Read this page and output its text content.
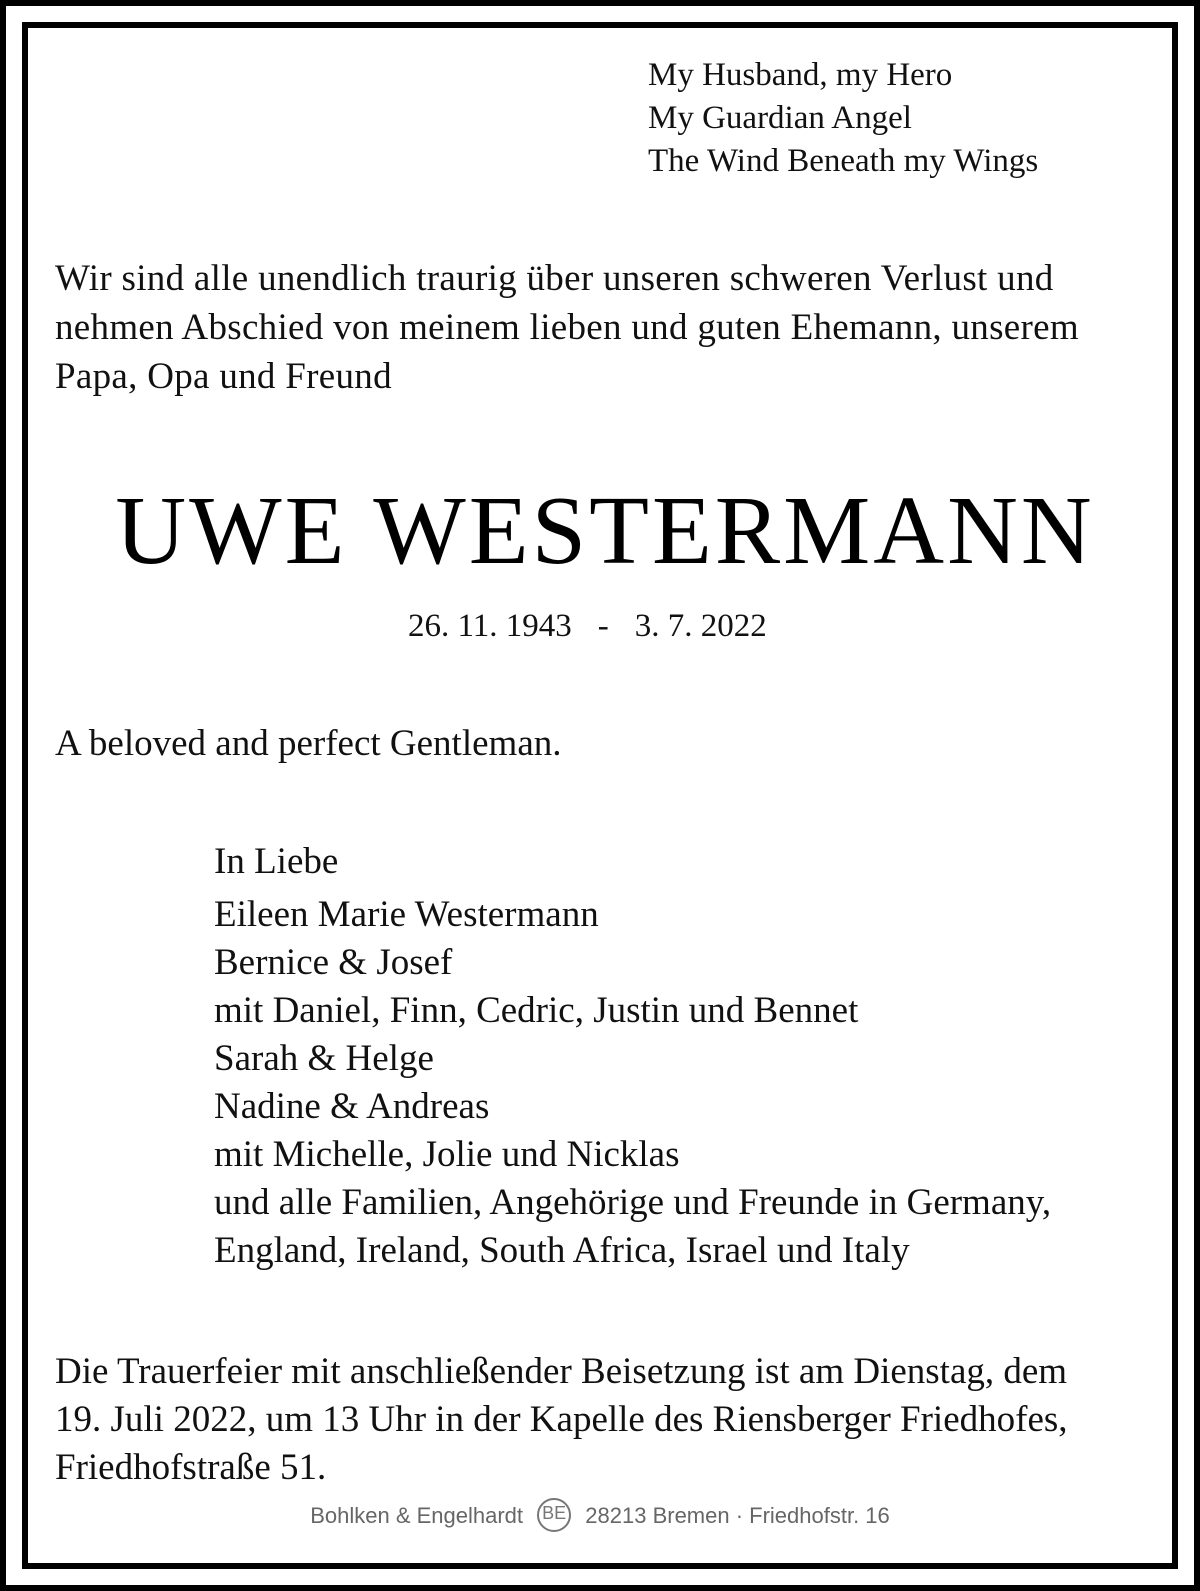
My Husband, my Hero
My Guardian Angel
The Wind Beneath my Wings
Wir sind alle unendlich traurig über unseren schweren Verlust und
nehmen Abschied von meinem lieben und guten Ehemann, unserem
Papa, Opa und Freund
UWE WESTERMANN
26. 11. 1943 - 3. 7. 2022
A beloved and perfect Gentleman.
In Liebe
Eileen Marie Westermann
Bernice & Josef
mit Daniel, Finn, Cedric, Justin und Bennet
Sarah & Helge
Nadine & Andreas
mit Michelle, Jolie und Nicklas
und alle Familien, Angehörige und Freunde in Germany,
England, Ireland, South Africa, Israel und Italy
Die Trauerfeier mit anschließender Beisetzung ist am Dienstag, dem
19. Juli 2022, um 13 Uhr in der Kapelle des Riensberger Friedhofes,
Friedhofstraße 51.
Bohlken & Engelhardt BE 28213 Bremen · Friedhofstr. 16
